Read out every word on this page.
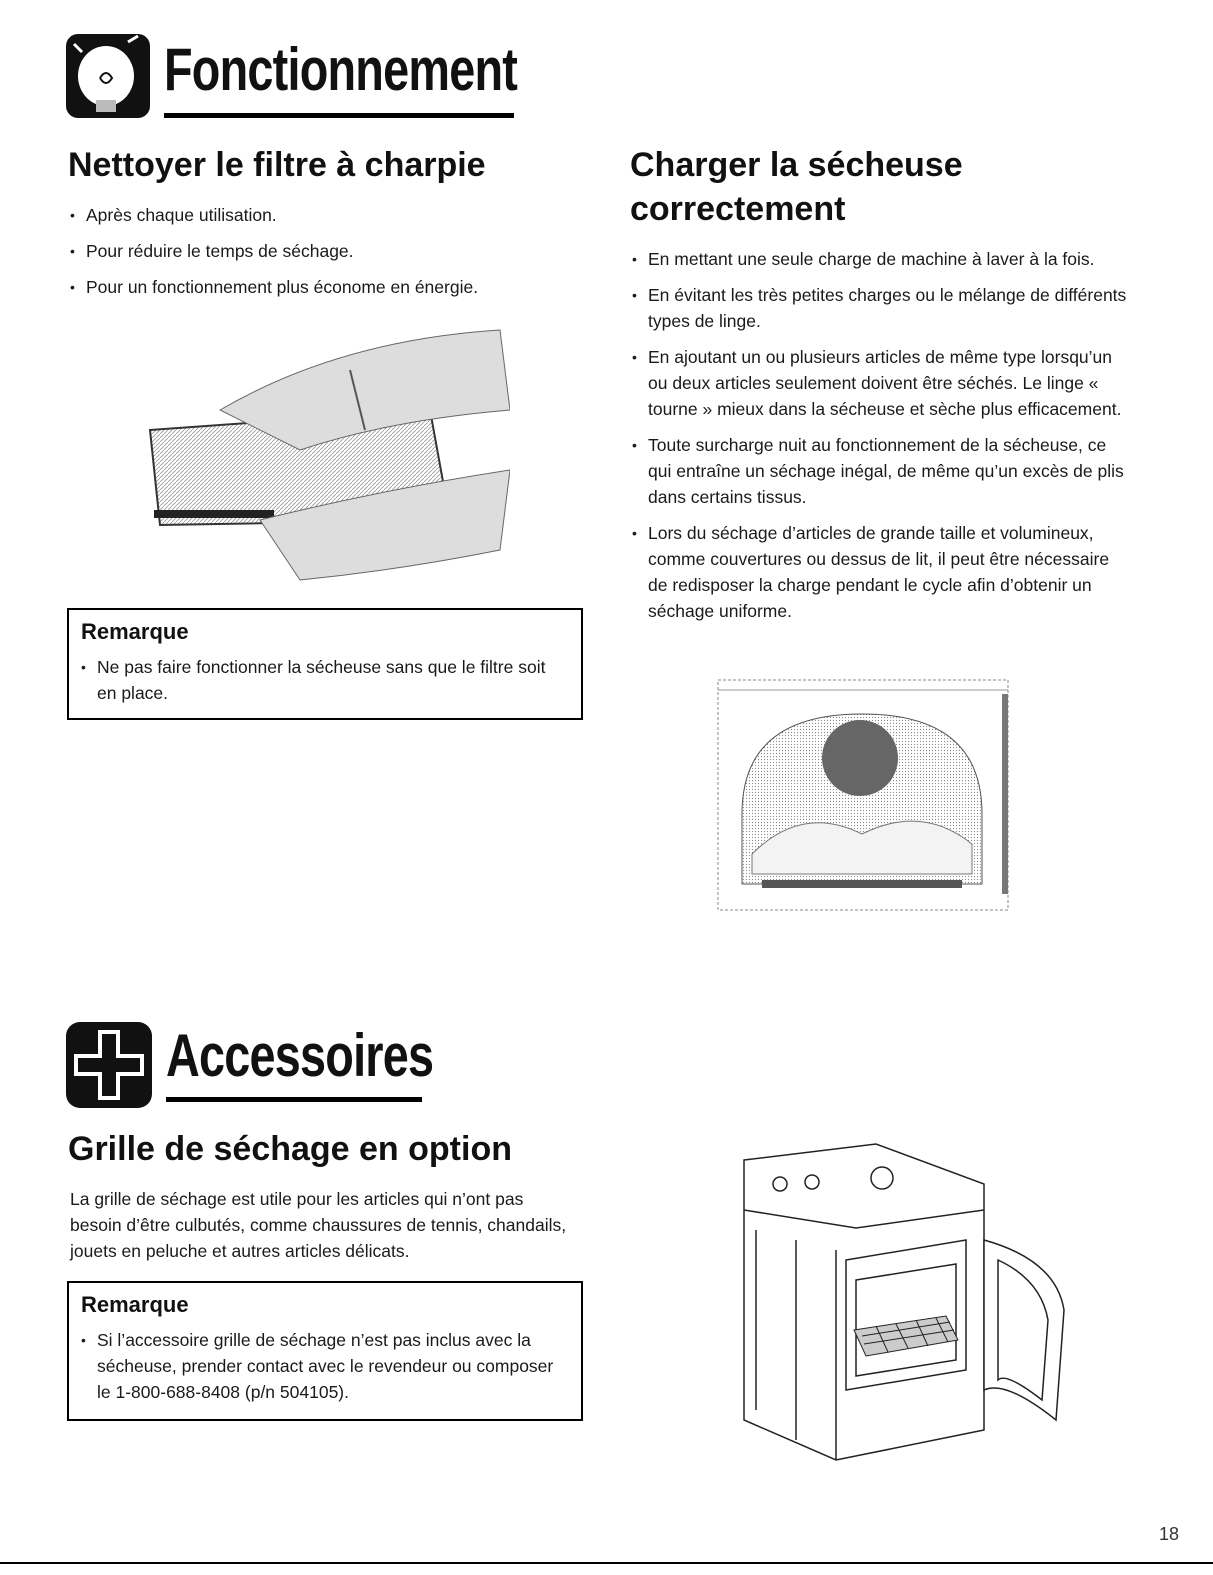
Fonctionnement
Nettoyer le filtre à charpie
• Après chaque utilisation.
• Pour réduire le temps de séchage.
• Pour un fonctionnement plus économe en énergie.
Remarque
• Ne pas faire fonctionner la sécheuse sans que le filtre soit en place.
Charger la sécheuse
correctement
• En mettant une seule charge de machine à laver à la fois.
• En évitant les très petites charges ou le mélange de différents types de linge.
• En ajoutant un ou plusieurs articles de même type lorsqu’un ou deux articles seulement doivent être séchés. Le linge « tourne » mieux dans la sécheuse et sèche plus efficacement.
• Toute surcharge nuit au fonctionnement de la sécheuse, ce qui entraîne un séchage inégal, de même qu’un excès de plis dans certains tissus.
• Lors du séchage d’articles de grande taille et volumineux, comme couvertures ou dessus de lit, il peut être nécessaire de redisposer la charge pendant le cycle afin d’obtenir un séchage uniforme.
Accessoires
Grille de séchage en option

La grille de séchage est utile pour les articles qui n’ont pas besoin d’être culbutés, comme chaussures de tennis, chandails, jouets en peluche et autres articles délicats.

Remarque
• Si l’accessoire grille de séchage n’est pas inclus avec la sécheuse, prender contact avec le revendeur ou composer le 1-800-688-8408 (p/n 504105).
18
